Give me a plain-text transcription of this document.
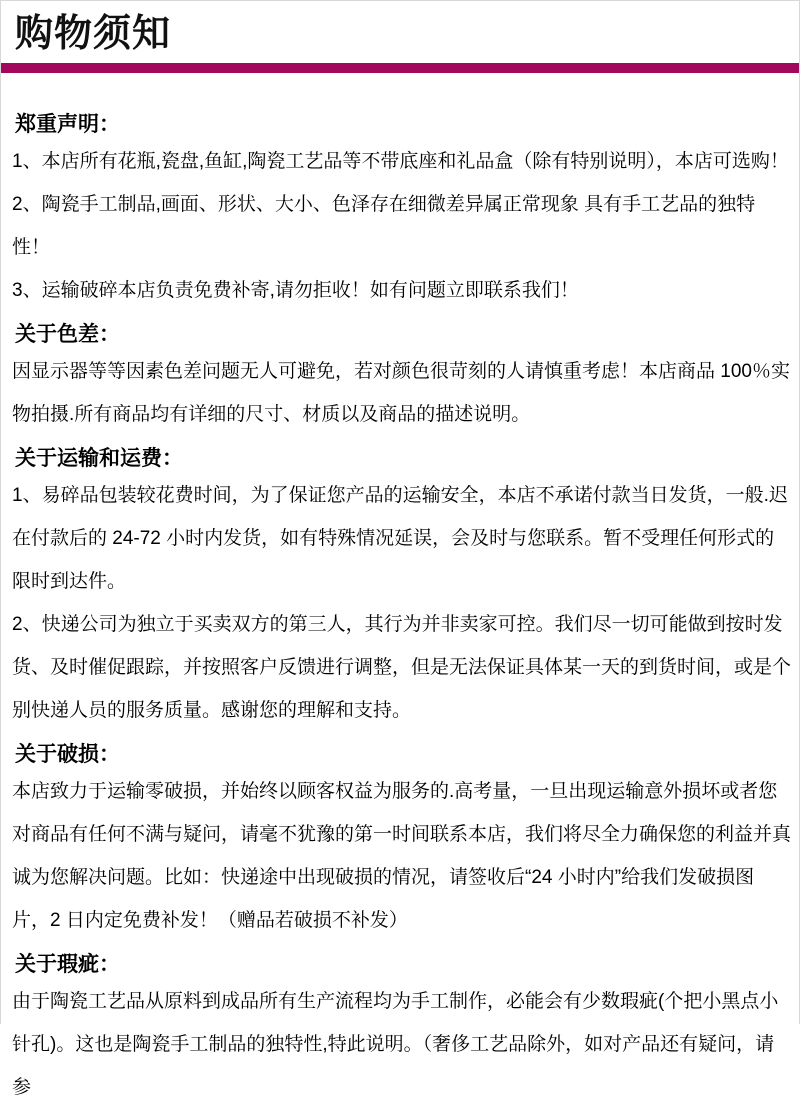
购物须知
郑重声明：

1、本店所有花瓶,瓷盘,鱼缸,陶瓷工艺品等不带底座和礼品盒（除有特别说明），本店可选购！

2、陶瓷手工制品,画面、形状、大小、色泽存在细微差异属正常现象 具有手工艺品的独特性！

3、运输破碎本店负责免费补寄,请勿拒收！如有问题立即联系我们！

关于色差：

因显示器等等因素色差问题无人可避免，若对颜色很苛刻的人请慎重考虑！本店商品 100％实物拍摄.所有商品均有详细的尺寸、材质以及商品的描述说明。

关于运输和运费：

1、易碎品包装较花费时间，为了保证您产品的运输安全，本店不承诺付款当日发货，一般.迟在付款后的 24-72 小时内发货，如有特殊情况延误，会及时与您联系。暂不受理任何形式的限时到达件。

2、快递公司为独立于买卖双方的第三人，其行为并非卖家可控。我们尽一切可能做到按时发货、及时催促跟踪，并按照客户反馈进行调整，但是无法保证具体某一天的到货时间，或是个别快递人员的服务质量。感谢您的理解和支持。

关于破损：

本店致力于运输零破损，并始终以顾客权益为服务的.高考量，一旦出现运输意外损坏或者您对商品有任何不满与疑问，请毫不犹豫的第一时间联系本店，我们将尽全力确保您的利益并真诚为您解决问题。比如：快递途中出现破损的情况，请签收后“24 小时内”给我们发破损图片，2 日内定免费补发！（赠品若破损不补发）

关于瑕疵：

由于陶瓷工艺品从原料到成品所有生产流程均为手工制作，必能会有少数瑕疵(个把小黑点小针孔)。这也是陶瓷手工制品的独特性,特此说明。（奢侈工艺品除外，如对产品还有疑问，请参
